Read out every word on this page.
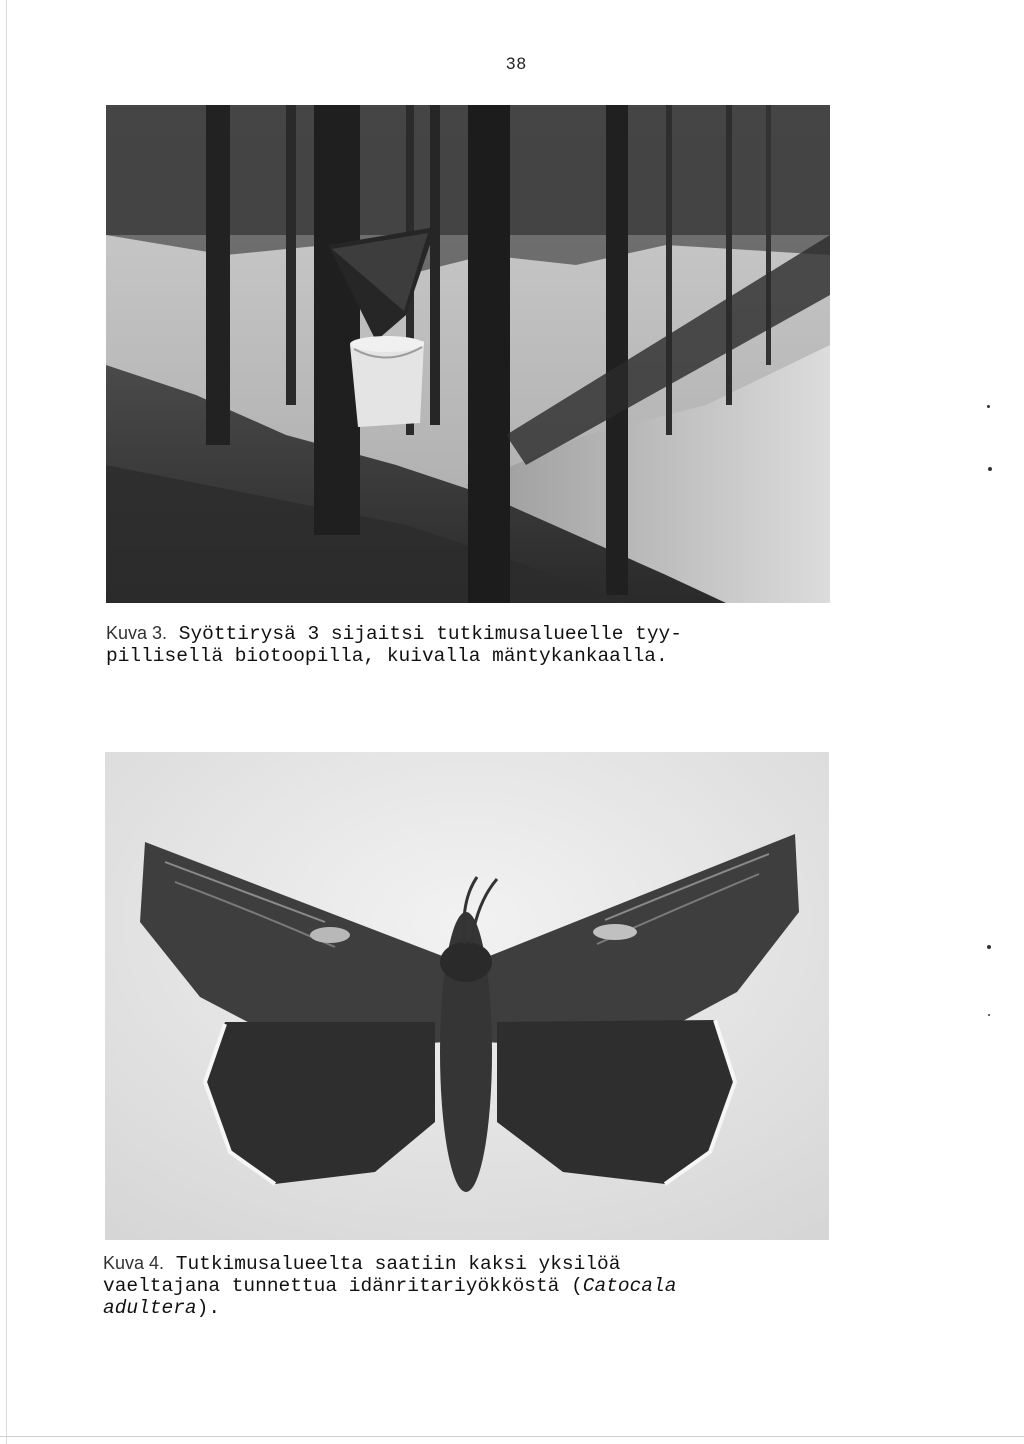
38
Kuva 3. Syöttirysä 3 sijaitsi tutkimusalueelle tyy-
pillisellä biotoopilla, kuivalla mäntykankaalla.
Kuva 4. Tutkimusalueelta saatiin kaksi yksilöä
vaeltajana tunnettua idänritariyökköstä (Catocala
adultera).
